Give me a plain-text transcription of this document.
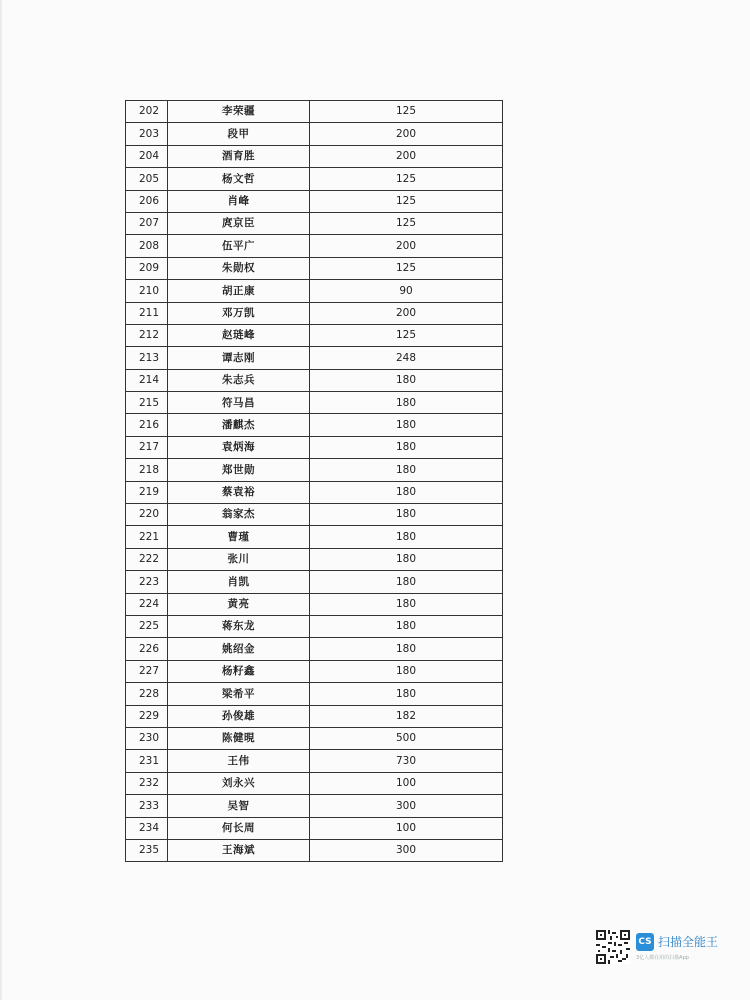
202	李荣疆	125
203	段甲	200
204	酒育胜	200
205	杨文哲	125
206	肖峰	125
207	庹京臣	125
208	伍平广	200
209	朱勋权	125
210	胡正康	90
211	邓万凯	200
212	赵琏峰	125
213	谭志刚	248
214	朱志兵	180
215	符马昌	180
216	潘麒杰	180
217	袁炳海	180
218	郑世勋	180
219	蔡袁裕	180
220	翁家杰	180
221	曹瑾	180
222	张川	180
223	肖凯	180
224	黄亮	180
225	蒋东龙	180
226	姚绍金	180
227	杨籽鑫	180
228	梁希平	180
229	孙俊雄	182
230	陈健晛	500
231	王伟	730
232	刘永兴	100
233	吴智	300
234	何长周	100
235	王海斌	300
CS 扫描全能王
3亿人都在用的扫描App
